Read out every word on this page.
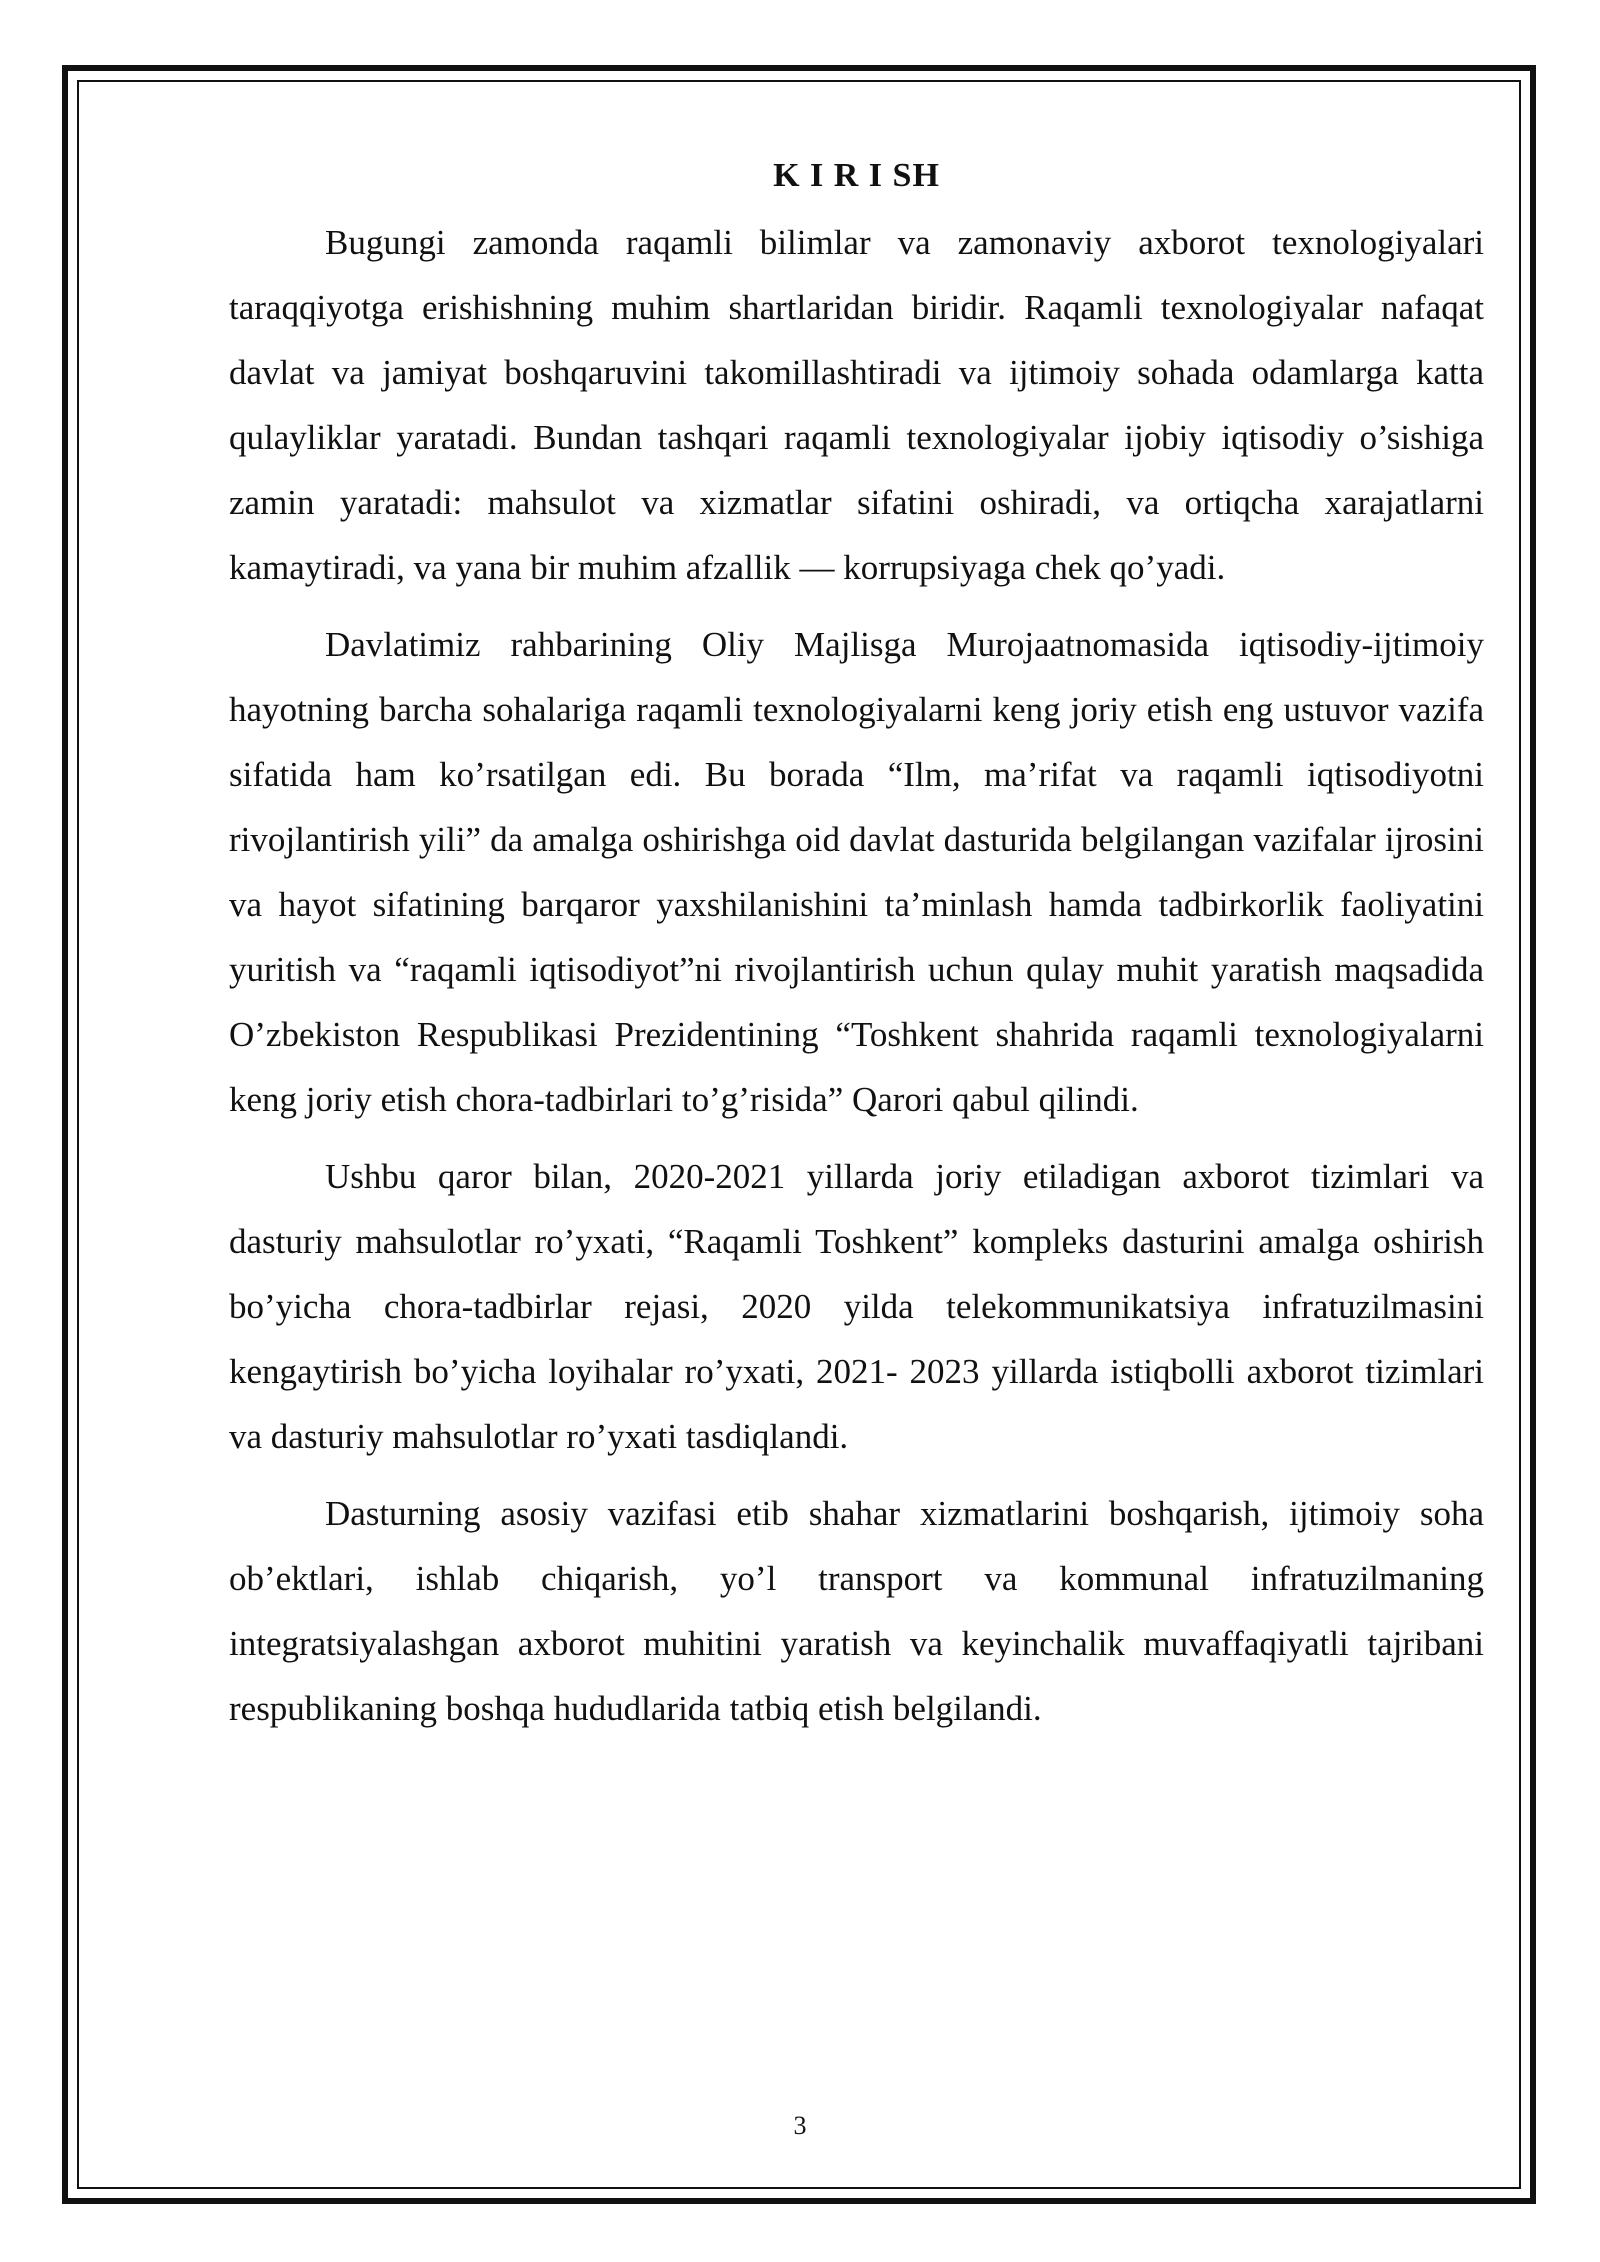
K I R I SH

Bugungi zamonda raqamli bilimlar va zamonaviy axborot texnologiyalari taraqqiyotga erishishning muhim shartlaridan biridir. Raqamli texnologiyalar nafaqat davlat va jamiyat boshqaruvini takomillashtiradi va ijtimoiy sohada odamlarga katta qulayliklar yaratadi. Bundan tashqari raqamli texnologiyalar ijobiy iqtisodiy o’sishiga zamin yaratadi: mahsulot va xizmatlar sifatini oshiradi, va ortiqcha xarajatlarni kamaytiradi, va yana bir muhim afzallik — korrupsiyaga chek qo’yadi.

Davlatimiz rahbarining Oliy Majlisga Murojaatnomasida iqtisodiy-ijtimoiy hayotning barcha sohalariga raqamli texnologiyalarni keng joriy etish eng ustuvor vazifa sifatida ham ko’rsatilgan edi. Bu borada “Ilm, ma’rifat va raqamli iqtisodiyotni rivojlantirish yili” da amalga oshirishga oid davlat dasturida belgilangan vazifalar ijrosini va hayot sifatining barqaror yaxshilanishini ta’minlash hamda tadbirkorlik faoliyatini yuritish va “raqamli iqtisodiyot”ni rivojlantirish uchun qulay muhit yaratish maqsadida O’zbekiston Respublikasi Prezidentining “Toshkent shahrida raqamli texnologiyalarni keng joriy etish chora-tadbirlari to’g’risida” Qarori qabul qilindi.

Ushbu qaror bilan, 2020-2021 yillarda joriy etiladigan axborot tizimlari va dasturiy mahsulotlar ro’yxati, “Raqamli Toshkent” kompleks dasturini amalga oshirish bo’yicha chora-tadbirlar rejasi, 2020 yilda telekommunikatsiya infratuzilmasini kengaytirish bo’yicha loyihalar ro’yxati, 2021- 2023 yillarda istiqbolli axborot tizimlari va dasturiy mahsulotlar ro’yxati tasdiqlandi.

Dasturning asosiy vazifasi etib shahar xizmatlarini boshqarish, ijtimoiy soha ob’ektlari, ishlab chiqarish, yo’l transport va kommunal infratuzilmaning integratsiyalashgan axborot muhitini yaratish va keyinchalik muvaffaqiyatli tajribani respublikaning boshqa hududlarida tatbiq etish belgilandi.

3
